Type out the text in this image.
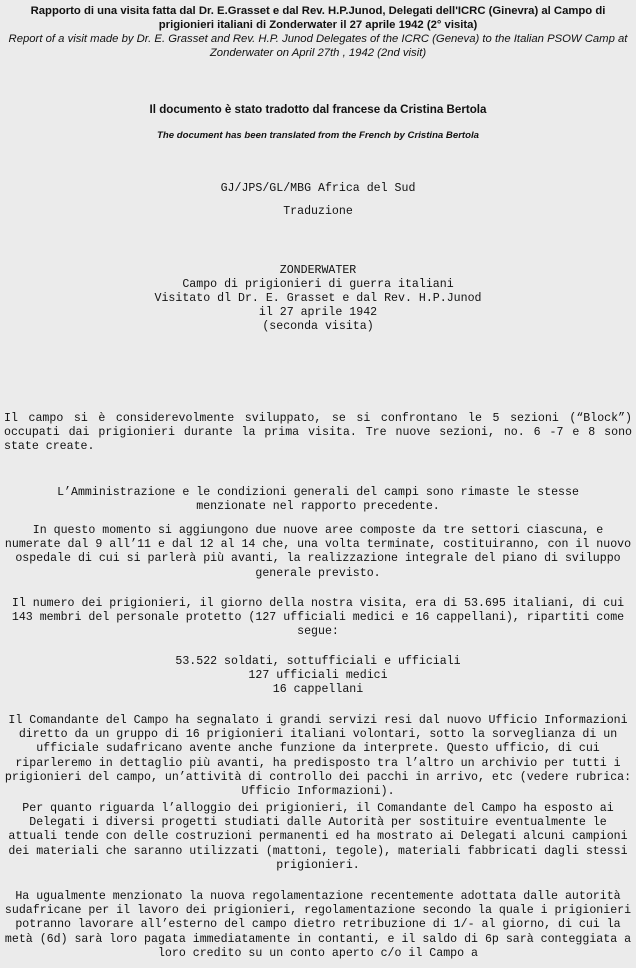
Rapporto di una visita fatta dal Dr. E.Grasset e dal Rev. H.P.Junod, Delegati dell'ICRC (Ginevra) al Campo di prigionieri italiani di Zonderwater il 27 aprile 1942 (2° visita)
Report of a visit made by Dr. E. Grasset and Rev. H.P. Junod Delegates of the ICRC (Geneva) to the Italian PSOW Camp at Zonderwater on April 27th , 1942 (2nd visit)
Il documento è stato tradotto dal francese da Cristina Bertola
The document has been translated from the French by Cristina Bertola
GJ/JPS/GL/MBG Africa del Sud
Traduzione
ZONDERWATER
Campo di prigionieri di guerra italiani
Visitato dl Dr. E. Grasset e dal Rev. H.P.Junod
il 27 aprile 1942
(seconda visita)
Il campo si è considerevolmente sviluppato, se si confrontano le 5 sezioni (“Block”) occupati dai prigionieri durante la prima visita. Tre nuove sezioni, no. 6 -7 e 8 sono state create.
L’Amministrazione e le condizioni generali del campi sono rimaste le stesse menzionate nel rapporto precedente.
In questo momento si aggiungono due nuove aree composte da tre settori ciascuna, e numerate dal 9 all’11 e dal 12 al 14 che, una volta terminate, costituiranno, con il nuovo ospedale di cui si parlerà più avanti, la realizzazione integrale del piano di sviluppo generale previsto.
Il numero dei prigionieri, il giorno della nostra visita, era di 53.695 italiani, di cui 143 membri del personale protetto (127 ufficiali medici e 16 cappellani), ripartiti come segue:
53.522 soldati, sottufficiali e ufficiali
127 ufficiali medici
16 cappellani
Il Comandante del Campo ha segnalato i grandi servizi resi dal nuovo Ufficio Informazioni diretto da un gruppo di 16 prigionieri italiani volontari, sotto la sorveglianza di un ufficiale sudafricano avente anche funzione da interprete. Questo ufficio, di cui riparleremo in dettaglio più avanti, ha predisposto tra l’altro un archivio per tutti i prigionieri del campo, un’attività di controllo dei pacchi in arrivo, etc (vedere rubrica: Ufficio Informazioni).
Per quanto riguarda l’alloggio dei prigionieri, il Comandante del Campo ha esposto ai Delegati i diversi progetti studiati dalle Autorità per sostituire eventualmente le attuali tende con delle costruzioni permanenti ed ha mostrato ai Delegati alcuni campioni dei materiali che saranno utilizzati (mattoni, tegole), materiali fabbricati dagli stessi prigionieri.
Ha ugualmente menzionato la nuova regolamentazione recentemente adottata dalle autorità sudafricane per il lavoro dei prigionieri, regolamentazione secondo la quale i prigionieri potranno lavorare all’esterno del campo dietro retribuzione di 1/- al giorno, di cui la metà (6d) sarà loro pagata immediatamente in contanti, e il saldo di 6p sarà conteggiata a loro credito su un conto aperto c/o il Campo a
